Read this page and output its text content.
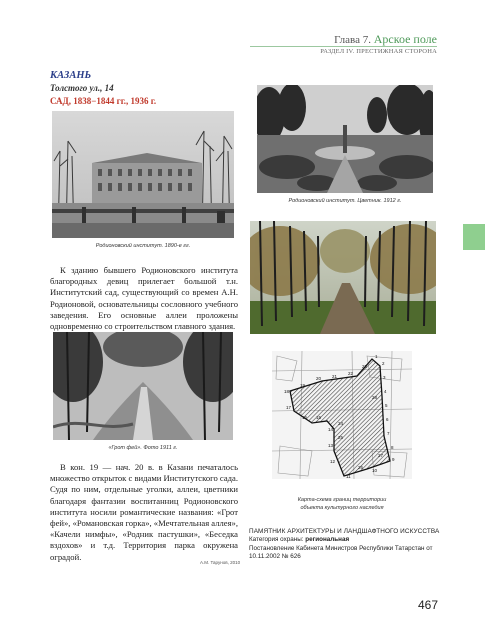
Глава 7. Арское поле
РАЗДЕЛ IV. ПРЕСТИЖНАЯ СТОРОНА
КАЗАНЬ
Толстого ул., 14
САД, 1838−1844 гг., 1936 г.
Родионовский институт. 1890-е гг.
Родионовский институт. Цветник. 1912 г.

К зданию бывшего Родионовского института благородных девиц прилегает большой т.н. Институтский сад, существующий со времен А.Н. Родионовой, основательницы сословного учебного заведения. Его основные аллеи проложены одновременно со строительством главного здания.

«Грот фей». Фото 1911 г.

В кон. 19 — нач. 20 в. в Казани печаталось множество открыток с видами Институтского сада. Судя по ним, отдельные уголки, аллеи, цветники благодаря фантазии воспитанниц Родионовского института носили романтические названия: «Грот фей», «Романовская горка», «Мечтательная аллея», «Качели нимфы», «Родник пастушки», «Беседка вздохов» и т.д. Территория парка окружена оградой.

А.М. Тарунов, 2010
1
2
3
4
5
6
7
8
9
10
11
12
13
14
15
16
17
18
19
20 21
22
23
24
25
26
27
28
Карта-схема границ территории
объекта культурного наследия
ПАМЯТНИК АРХИТЕКТУРЫ И ЛАНДШАФТНОГО ИСКУССТВА
Категория охраны: региональная
Постановление Кабинета Министров Республики Татарстан от 10.11.2002 № 626
467
